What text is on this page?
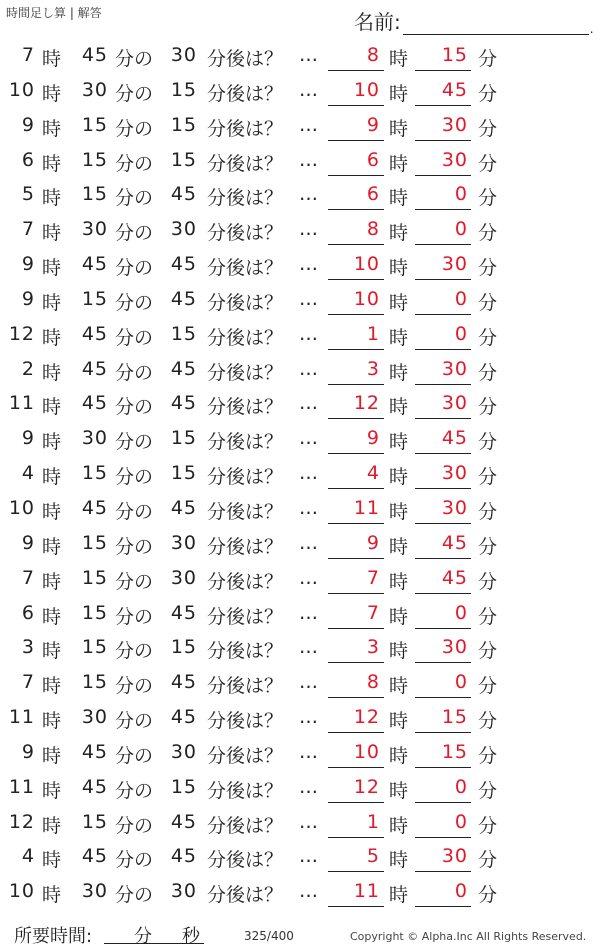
時間足し算 | 解答	名前:	.
7 時	45 分の 30 分後は？ …	8 時	15 分
10 時	30 分の 15 分後は？ …	10 時	45 分
9 時	15 分の 15 分後は？ …	9 時	30 分
6 時	15 分の 15 分後は？ …	6 時	30 分
5 時	15 分の 45 分後は？ …	6 時	0 分
7 時	30 分の 30 分後は？ …	8 時	0 分
9 時	45 分の 45 分後は？ …	10 時	30 分
9 時	15 分の 45 分後は？ …	10 時	0 分
12 時	45 分の 15 分後は？ …	1 時	0 分
2 時	45 分の 45 分後は？ …	3 時	30 分
11 時	45 分の 45 分後は？ …	12 時	30 分
9 時	30 分の 15 分後は？ …	9 時	45 分
4 時	15 分の 15 分後は？ …	4 時	30 分
10 時	45 分の 45 分後は？ …	11 時	30 分
9 時	15 分の 30 分後は？ …	9 時	45 分
7 時	15 分の 30 分後は？ …	7 時	45 分
6 時	15 分の 45 分後は？ …	7 時	0 分
3 時	15 分の 15 分後は？ …	3 時	30 分
7 時	15 分の 45 分後は？ …	8 時	0 分
11 時	30 分の 45 分後は？ …	12 時	15 分
9 時	45 分の 30 分後は？ …	10 時	15 分
11 時	45 分の 15 分後は？ …	12 時	0 分
12 時	15 分の 45 分後は？ …	1 時	0 分
4 時	45 分の 45 分後は？ …	5 時	30 分
10 時	30 分の 30 分後は？ …	11 時	0 分
所要時間: 分 秒	325/400	Copyright © Alpha.Inc All Rights Reserved.
